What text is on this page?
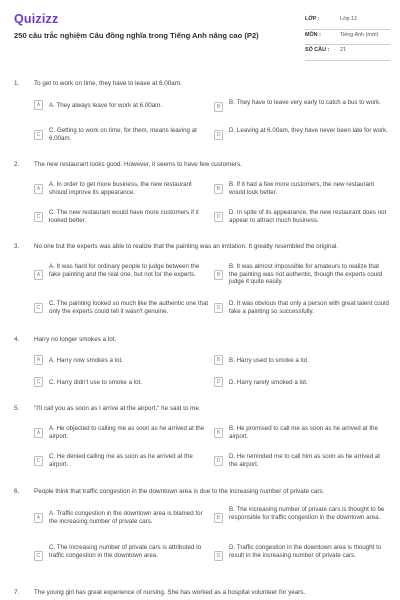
Quizizz
250 câu trắc nghiệm Câu đồng nghĩa trong Tiếng Anh nâng cao (P2)
LỚP :	Lớp 12
MÔN :	Tiếng Anh (mới)
SỐ CÂU : 21
1. To get to work on time, they have to leave at 6.00am.
A	A. They always leave for work at 6.00am.	B
B. They have to leave very early to catch a bus to work.
C
C. Getting to work on time, for them, means leaving at 6.00am.	D
D. Leaving at 6.00am, they have never been late for work.
2. The new restaurant looks good. However, it seems to have few customers.
A
A. In order to get more business, the new restaurant should improve its appearance.	B
B. If it had a few more customers, the new restaurant would look better.
C
C. The new restaurant would have more customers if it looked better.	D
D. In spite of its appearance, the new restaurant does not appear to attract much business.
3. No one but the experts was able to realize that the painting was an imitation. It greatly resembled the original.
A
A. It was hard for ordinary people to judge between the fake painting and the real one, but not for the experts.	B
B. It was almost impossible for amateurs to realize that the painting was not authentic, though the experts could judge it quite easily.
C
C. The painting looked so much like the authentic one that only the experts could tell it wasn't genuine.	D
D. It was obvious that only a person with great talent could fake a painting so successfully.
4. Harry no longer smokes a lot.
A	A. Harry now smokes a lot.	B	B. Harry used to smoke a lot.
C	C. Harry didn't use to smoke a lot.	D	D. Harry rarely smoked a lot.
5. "I'll call you as soon as I arrive at the airport," he said to me.
A
A. He objected to calling me as soon as he arrived at the airport.	B
B. He promised to call me as soon as he arrived at the airport.
C
C. He denied calling me as soon as he arrived at the airport.	D
D. He reminded me to call him as soon as he arrived at the airport.
6. People think that traffic congestion in the downtown area is due to the increasing number of private cars.
A
A. Traffic congestion in the downtown area is blamed for the increasing number of private cars.	B
B. The increasing number of private cars is thought to be responsible for traffic congestion in the downtown area.
C
C. The increasing number of private cars is attributed to traffic congestion in the downtown area.	D
D. Traffic congestion in the downtown area is thought to result in the increasing number of private cars.
7. The young girl has great experience of nursing. She has worked as a hospital volunteer for years.
